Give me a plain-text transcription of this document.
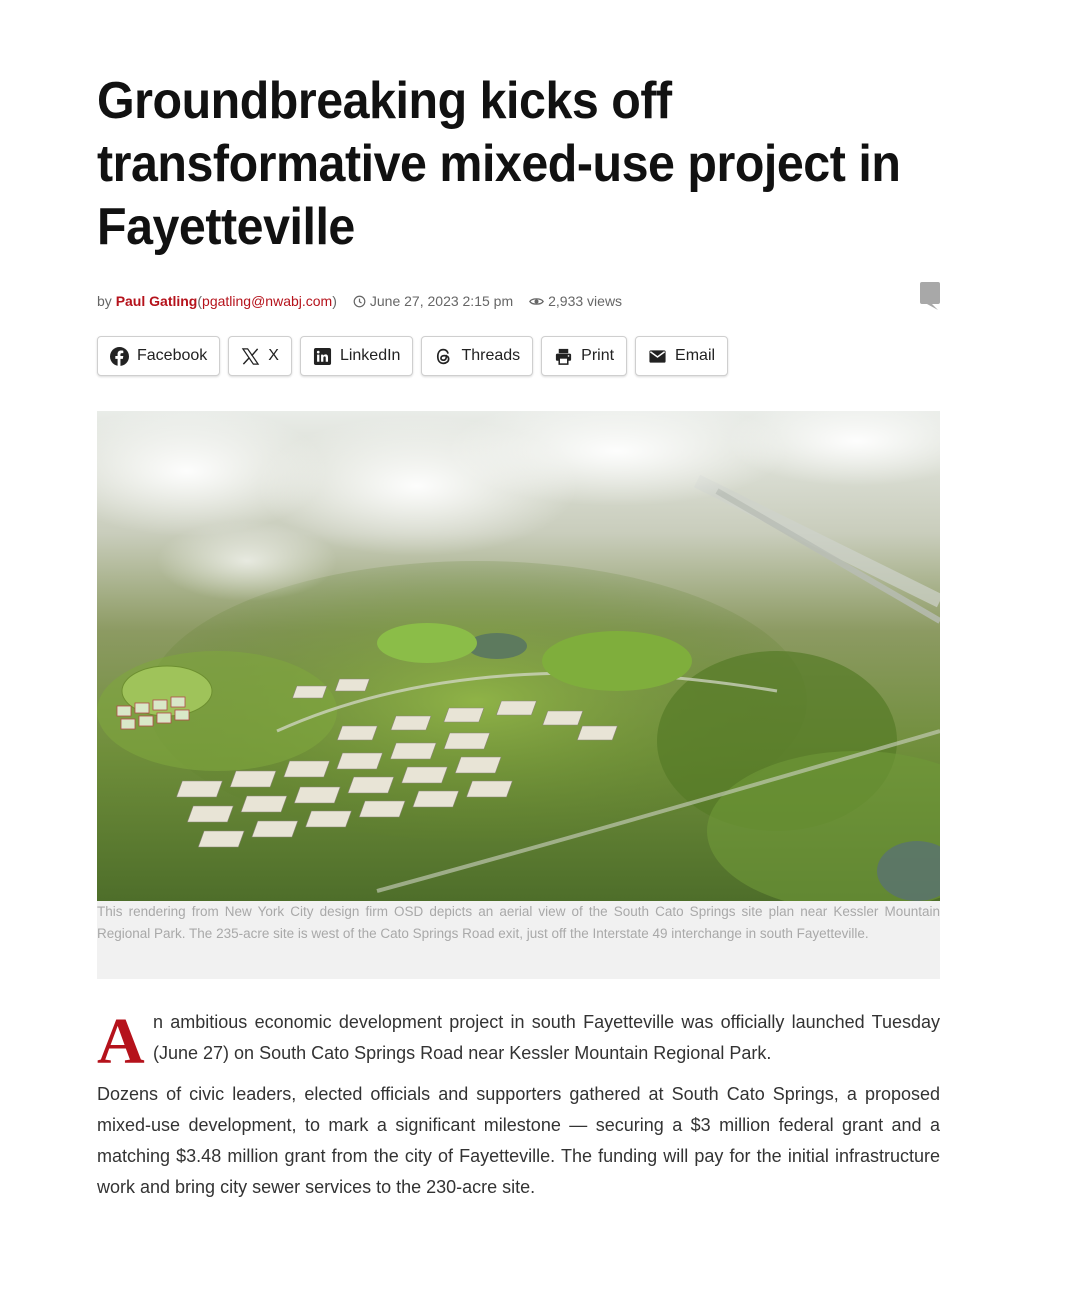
Groundbreaking kicks off transformative mixed-use project in Fayetteville
by
Paul Gatling ( pgatling@nwabj.com ) June 27, 2023 2:15 pm	2,933 views
Facebook	X	LinkedIn	Threads	Print	Email
This rendering from New York City design firm OSD depicts an aerial view of the South Cato Springs site plan near Kessler Mountain Regional Park. The 235-acre site is west of the Cato Springs Road exit, just off the Interstate 49 interchange in south Fayetteville.
A n ambitious economic development project in south Fayetteville was officially launched Tuesday (June 27) on South Cato Springs Road near Kessler Mountain Regional Park.

Dozens of civic leaders, elected officials and supporters gathered at South Cato Springs, a proposed mixed-use development, to mark a significant milestone — securing a $3 million federal grant and a matching $3.48 million grant from the city of Fayetteville. The funding will pay for the initial infrastructure work and bring city sewer services to the 230-acre site.
